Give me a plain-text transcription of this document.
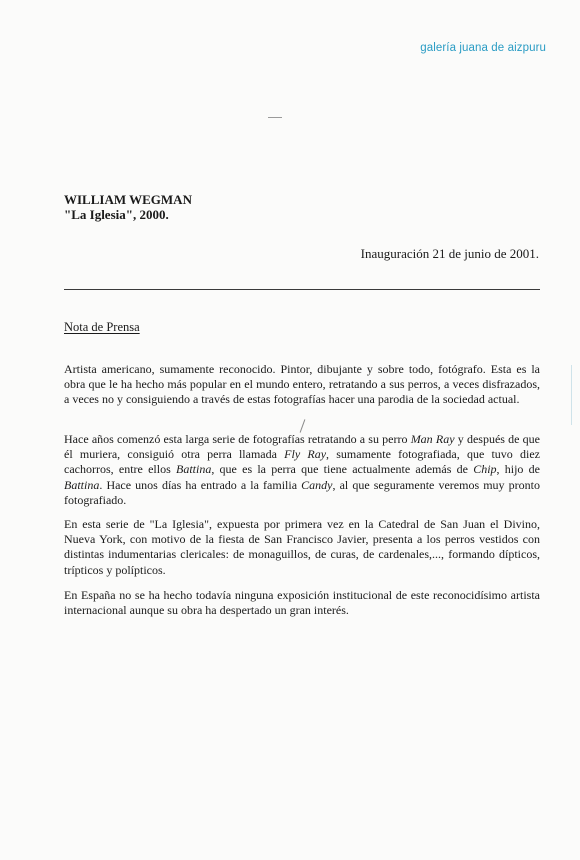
galería juana de aizpuru
WILLIAM WEGMAN
"La Iglesia", 2000.
Inauguración 21 de junio de 2001.
Nota de Prensa

Artista americano, sumamente reconocido. Pintor, dibujante y sobre todo, fotógrafo. Esta es la obra que le ha hecho más popular en el mundo entero, retratando a sus perros, a veces disfrazados, a veces no y consiguiendo a través de estas fotografías hacer una parodia de la sociedad actual.

Hace años comenzó esta larga serie de fotografías retratando a su perro Man Ray y después de que él muriera, consiguió otra perra llamada Fly Ray, sumamente fotografiada, que tuvo diez cachorros, entre ellos Battina, que es la perra que tiene actualmente además de Chip, hijo de Battina. Hace unos días ha entrado a la familia Candy, al que seguramente veremos muy pronto fotografiado.

En esta serie de "La Iglesia", expuesta por primera vez en la Catedral de San Juan el Divino, Nueva York, con motivo de la fiesta de San Francisco Javier, presenta a los perros vestidos con distintas indumentarias clericales: de monaguillos, de curas, de cardenales,..., formando dípticos, trípticos y polípticos.

En España no se ha hecho todavía ninguna exposición institucional de este reconocidísimo artista internacional aunque su obra ha despertado un gran interés.
